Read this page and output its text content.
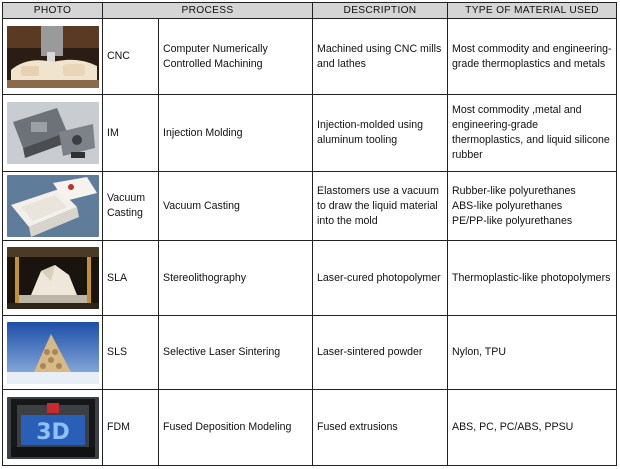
PHOTO	PROCESS		DESCRIPTION	TYPE OF MATERIAL USED

	CNC	Computer Numerically Controlled Machining	Machined using CNC mills and lathes	Most commodity and engineering-grade thermoplastics and metals

	IM	Injection Molding	Injection-molded using aluminum tooling	Most commodity ,metal and engineering-grade thermoplastics, and liquid silicone rubber

	Vacuum Casting	Vacuum Casting	Elastomers use a vacuum to draw the liquid material into the mold	Rubber-like polyurethanes
ABS-like polyurethanes
PE/PP-like polyurethanes

	SLA	Stereolithography	Laser-cured photopolymer	Thermoplastic-like photopolymers

	SLS	Selective Laser Sintering	Laser-sintered powder	Nylon, TPU

3D	FDM	Fused Deposition Modeling	Fused extrusions	ABS, PC, PC/ABS, PPSU
